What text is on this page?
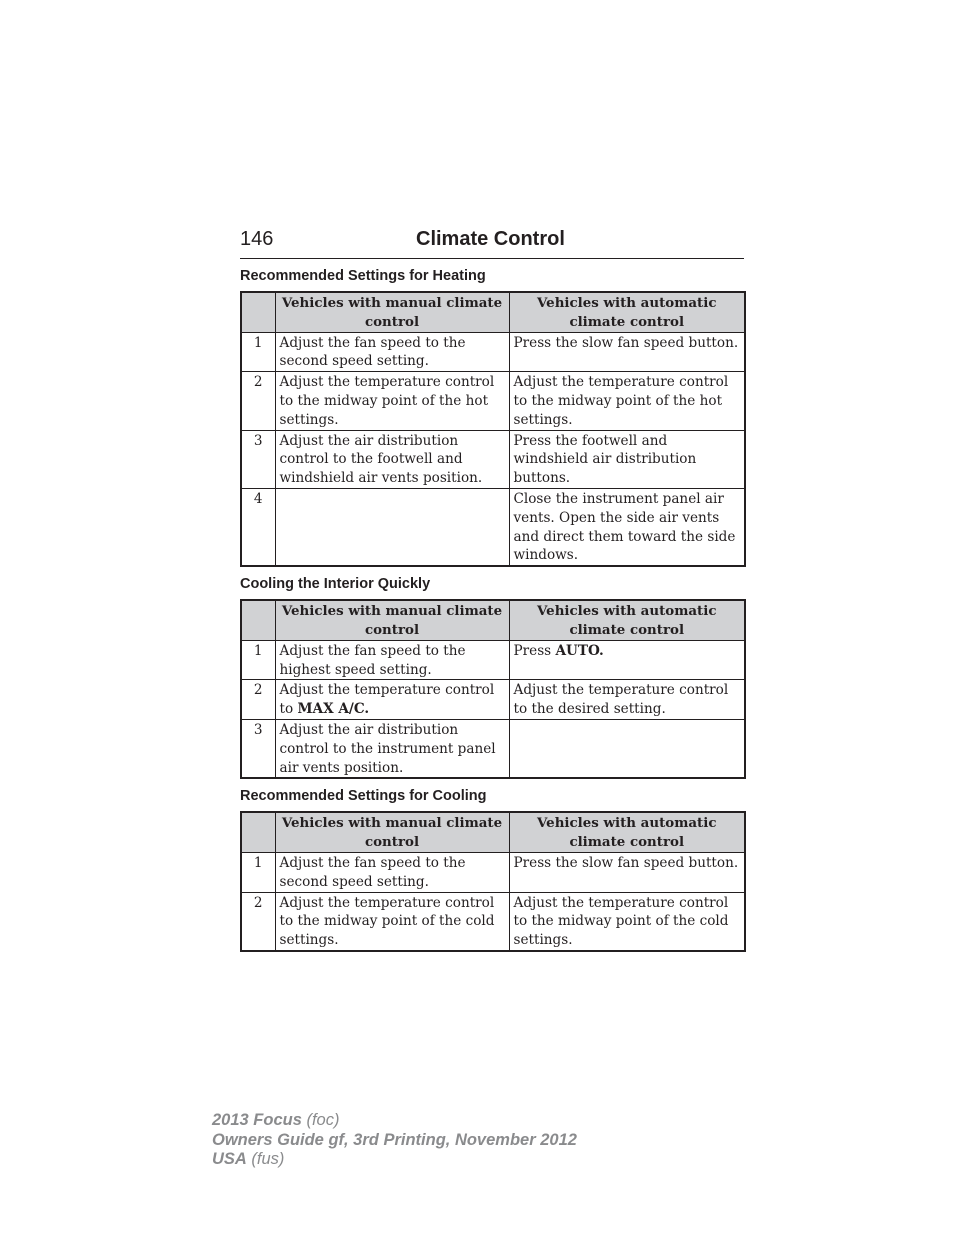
146	Climate Control
Recommended Settings for Heating
	Vehicles with manual climate control	Vehicles with automatic climate control
1	Adjust the fan speed to the second speed setting.	Press the slow fan speed button.
2	Adjust the temperature control to the midway point of the hot settings.	Adjust the temperature control to the midway point of the hot settings.
3	Adjust the air distribution control to the footwell and windshield air vents position.	Press the footwell and windshield air distribution buttons.
4		Close the instrument panel air vents. Open the side air vents and direct them toward the side windows.
Cooling the Interior Quickly
	Vehicles with manual climate control	Vehicles with automatic climate control
1	Adjust the fan speed to the highest speed setting.	Press AUTO.
2	Adjust the temperature control to MAX A/C.	Adjust the temperature control to the desired setting.
3	Adjust the air distribution control to the instrument panel air vents position.	
Recommended Settings for Cooling
	Vehicles with manual climate control	Vehicles with automatic climate control
1	Adjust the fan speed to the second speed setting.	Press the slow fan speed button.
2	Adjust the temperature control to the midway point of the cold settings.	Adjust the temperature control to the midway point of the cold settings.
2013 Focus (foc)
Owners Guide gf, 3rd Printing, November 2012
USA (fus)
